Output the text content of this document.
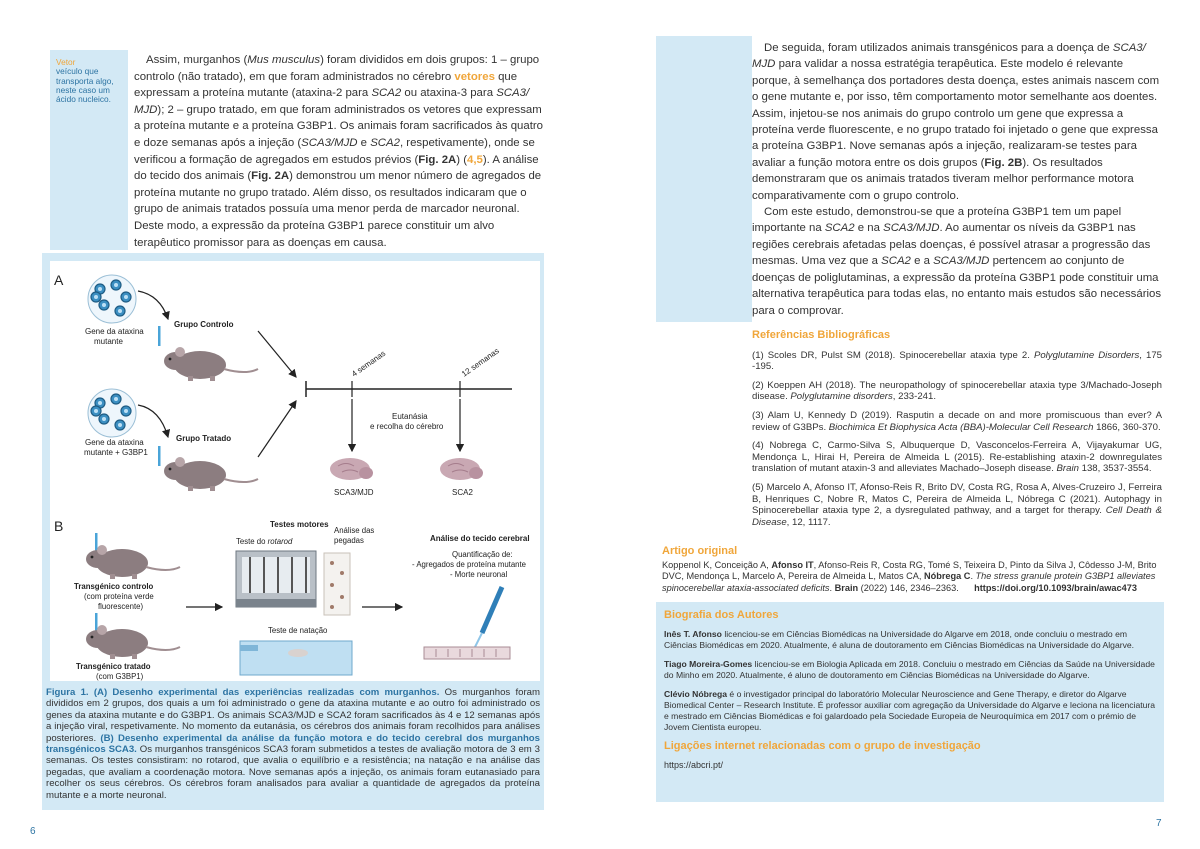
Vetor
veículo que transporta algo, neste caso um ácido nucleico.

Assim, murganhos (Mus musculus) foram divididos em dois grupos: 1 – grupo controlo (não tratado), em que foram administrados no cérebro vetores que expressam a proteína mutante (ataxina-2 para SCA2 ou ataxina-3 para SCA3/ MJD); 2 – grupo tratado, em que foram administrados os vetores que expressam a proteína mutante e a proteína G3BP1. Os animais foram sacrificados às quatro e doze semanas após a injeção (SCA3/MJD e SCA2, respetivamente), onde se verificou a formação de agregados em estudos prévios (Fig. 2A) (4,5). A análise do tecido dos animais (Fig. 2A) demonstrou um menor número de agregados de proteína mutante no grupo tratado. Além disso, os resultados indicaram que o grupo de animais tratados possuía uma menor perda de marcador neuronal. Deste modo, a expressão da proteína G3BP1 parece constituir um alvo terapêutico promissor para as doenças em causa.

A
Gene da ataxina mutante
Grupo Controlo
Gene da ataxina mutante + G3BP1
Grupo Tratado
4 semanas	12 semanas
Eutanásia e recolha do cérebro
SCA3/MJD	SCA2
B
Transgénico controlo
(com proteína verde fluorescente)
Transgénico tratado
(com G3BP1)
Testes motores
Teste do rotarod
Análise das pegadas
Teste de natação
Análise do tecido cerebral
Quantificação de: - Agregados de proteína mutante - Morte neuronal
Figura 1. (A) Desenho experimental das experiências realizadas com murganhos. Os murganhos foram divididos em 2 grupos, dos quais a um foi administrado o gene da ataxina mutante e ao outro foi administrado os genes da ataxina mutante e do G3BP1. Os animais SCA3/MJD e SCA2 foram sacrificados às 4 e 12 semanas após a injeção viral, respetivamente. No momento da eutanásia, os cérebros dos animais foram recolhidos para análises posteriores. (B) Desenho experimental da análise da função motora e do tecido cerebral dos murganhos transgénicos SCA3. Os murganhos transgénicos SCA3 foram submetidos a testes de avaliação motora de 3 em 3 semanas. Os testes consistiram: no rotarod, que avalia o equilíbrio e a resistência; na natação e na análise das pegadas, que avaliam a coordenação motora. Nove semanas após a injeção, os animais foram eutanasiado para recolher os seus cérebros. Os cérebros foram analisados para avaliar a quantidade de agregados da proteína mutante e a morte neuronal.
6

De seguida, foram utilizados animais transgénicos para a doença de SCA3/ MJD para validar a nossa estratégia terapêutica. Este modelo é relevante porque, à semelhança dos portadores desta doença, estes animais nascem com o gene mutante e, por isso, têm comportamento motor semelhante aos doentes. Assim, injetou-se nos animais do grupo controlo um gene que expressa a proteína verde fluorescente, e no grupo tratado foi injetado o gene que expressa a proteína G3BP1. Nove semanas após a injeção, realizaram-se testes para avaliar a função motora entre os dois grupos (Fig. 2B). Os resultados demonstraram que os animais tratados tiveram melhor performance motora comparativamente com o grupo controlo.

Com este estudo, demonstrou-se que a proteína G3BP1 tem um papel importante na SCA2 e na SCA3/MJD. Ao aumentar os níveis da G3BP1 nas regiões cerebrais afetadas pelas doenças, é possível atrasar a progressão das mesmas. Uma vez que a SCA2 e a SCA3/MJD pertencem ao conjunto de doenças de poliglutaminas, a expressão da proteína G3BP1 pode constituir uma alternativa terapêutica para todas elas, no entanto mais estudos são necessários para o comprovar.

Referências Bibliográficas

(1) Scoles DR, Pulst SM (2018). Spinocerebellar ataxia type 2. Polyglutamine Disorders, 175 -195.

(2) Koeppen AH (2018). The neuropathology of spinocerebellar ataxia type 3/Machado-Joseph disease. Polyglutamine disorders, 233-241.

(3) Alam U, Kennedy D (2019). Rasputin a decade on and more promiscuous than ever? A review of G3BPs. Biochimica Et Biophysica Acta (BBA)-Molecular Cell Research 1866, 360-370.

(4) Nobrega C, Carmo-Silva S, Albuquerque D, Vasconcelos-Ferreira A, Vijayakumar UG, Mendonça L, Hirai H, Pereira de Almeida L (2015). Re-establishing ataxin-2 downregulates translation of mutant ataxin-3 and alleviates Machado–Joseph disease. Brain 138, 3537-3554.

(5) Marcelo A, Afonso IT, Afonso-Reis R, Brito DV, Costa RG, Rosa A, Alves-Cruzeiro J, Ferreira B, Henriques C, Nobre R, Matos C, Pereira de Almeida L, Nóbrega C (2021). Autophagy in Spinocerebellar ataxia type 2, a dysregulated pathway, and a target for therapy. Cell Death & Disease, 12, 1117.

Artigo original
Koppenol K, Conceição A, Afonso IT, Afonso-Reis R, Costa RG, Tomé S, Teixeira D, Pinto da Silva J, Côdesso J-M, Brito DVC, Mendonça L, Marcelo A, Pereira de Almeida L, Matos CA, Nóbrega C. The stress granule protein G3BP1 alleviates spinocerebellar ataxia-associated deficits. Brain (2022) 146, 2346–2363. https://doi.org/10.1093/brain/awac473
Biografia dos Autores

Inês T. Afonso licenciou-se em Ciências Biomédicas na Universidade do Algarve em 2018, onde concluiu o mestrado em Ciências Biomédicas em 2020. Atualmente, é aluna de doutoramento em Ciências Biomédicas na Universidade do Algarve.

Tiago Moreira-Gomes licenciou-se em Biologia Aplicada em 2018. Concluiu o mestrado em Ciências da Saúde na Universidade do Minho em 2020. Atualmente, é aluno de doutoramento em Ciências Biomédicas na Universidade do Algarve.

Clévio Nóbrega é o investigador principal do laboratório Molecular Neuroscience and Gene Therapy, e diretor do Algarve Biomedical Center – Research Institute. É professor auxiliar com agregação da Universidade do Algarve e leciona na licenciatura e mestrado em Ciências Biomédicas e foi galardoado pela Sociedade Europeia de Neuroquímica em 2017 com o prémio de Jovem Cientista europeu.

Ligações internet relacionadas com o grupo de investigação
https://abcri.pt/
7
